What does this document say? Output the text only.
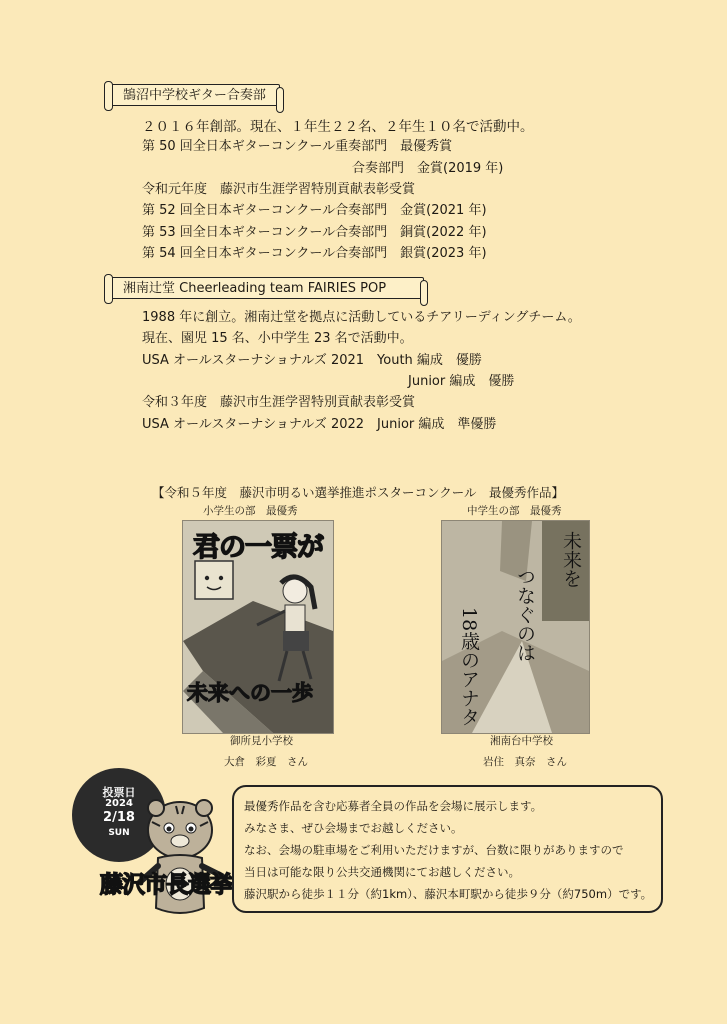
鵠沼中学校ギター合奏部
２０１６年創部。現在、１年生２２名、２年生１０名で活動中。
第 50 回全日本ギターコンクール重奏部門　最優秀賞
合奏部門　金賞(2019 年)
令和元年度　藤沢市生涯学習特別貢献表彰受賞
第 52 回全日本ギターコンクール合奏部門　金賞(2021 年)
第 53 回全日本ギターコンクール合奏部門　銅賞(2022 年)
第 54 回全日本ギターコンクール合奏部門　銀賞(2023 年)
湘南辻堂 Cheerleading team FAIRIES POP
1988 年に創立。湘南辻堂を拠点に活動しているチアリーディングチーム。
現在、園児 15 名、小中学生 23 名で活動中。
USA オールスターナショナルズ 2021　Youth 編成　優勝
Junior 編成　優勝
令和３年度　藤沢市生涯学習特別貢献表彰受賞
USA オールスターナショナルズ 2022　Junior 編成　準優勝
【令和５年度　藤沢市明るい選挙推進ポスターコンクール　最優秀作品】
小学生の部　最優秀
君の一票が
未来への一歩
御所見小学校
大倉　彩夏　さん
中学生の部　最優秀
未来を
つなぐのは
18歳のアナタ
湘南台中学校
岩住　真奈　さん
投票日
2024
2/18
SUN
藤沢市長選挙
最優秀作品を含む応募者全員の作品を会場に展示します。
みなさま、ぜひ会場までお越しください。
なお、会場の駐車場をご利用いただけますが、台数に限りがありますので
当日は可能な限り公共交通機関にてお越しください。
藤沢駅から徒歩１１分（約1km）、藤沢本町駅から徒歩９分（約750m）です。
